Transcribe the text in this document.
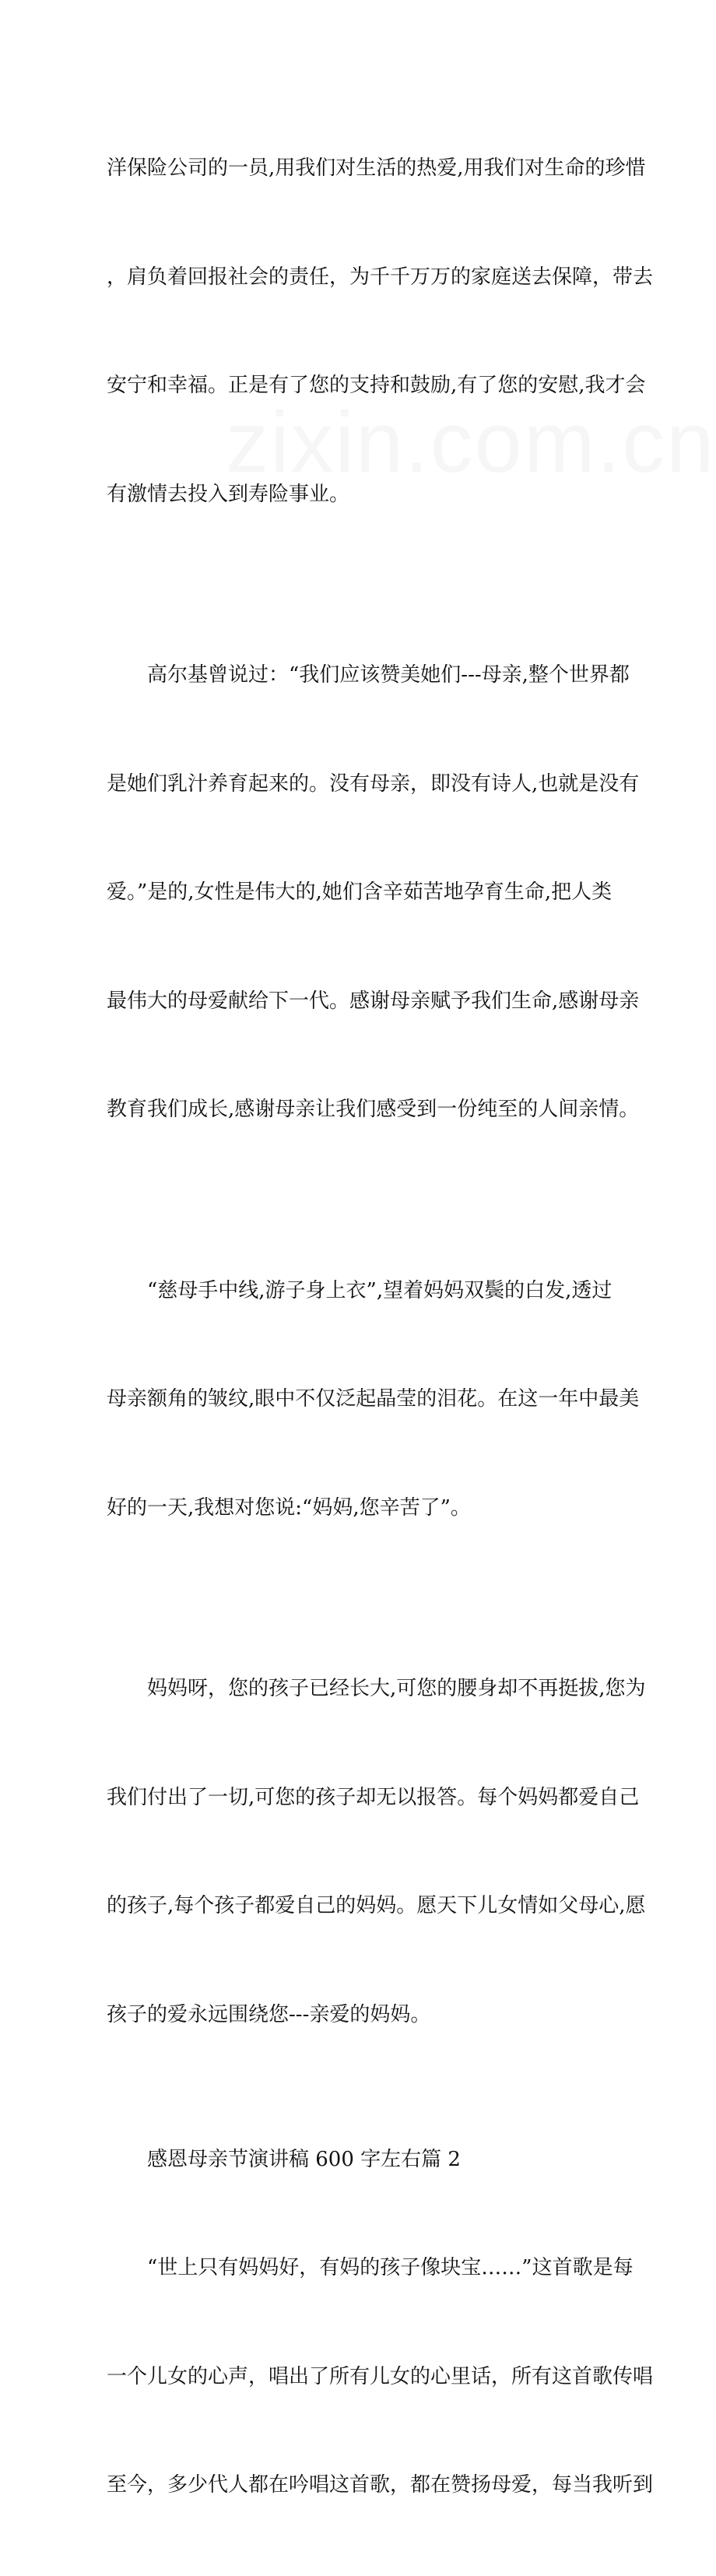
洋保险公司的一员,用我们对生活的热爱,用我们对生命的珍惜

，肩负着回报社会的责任，为千千万万的家庭送去保障，带去

安宁和幸福。正是有了您的支持和鼓励,有了您的安慰,我才会

有激情去投入到寿险事业。

高尔基曾说过：“我们应该赞美她们---母亲,整个世界都

是她们乳汁养育起来的。没有母亲，即没有诗人,也就是没有

爱。”是的,女性是伟大的,她们含辛茹苦地孕育生命,把人类

最伟大的母爱献给下一代。感谢母亲赋予我们生命,感谢母亲

教育我们成长,感谢母亲让我们感受到一份纯至的人间亲情。

“慈母手中线,游子身上衣”,望着妈妈双鬓的白发,透过

母亲额角的皱纹,眼中不仅泛起晶莹的泪花。在这一年中最美

好的一天,我想对您说:“妈妈,您辛苦了”。

妈妈呀，您的孩子已经长大,可您的腰身却不再挺拔,您为

我们付出了一切,可您的孩子却无以报答。每个妈妈都爱自己

的孩子,每个孩子都爱自己的妈妈。愿天下儿女情如父母心,愿

孩子的爱永远围绕您---亲爱的妈妈。

感恩母亲节演讲稿 600 字左右篇 2

“世上只有妈妈好，有妈的孩子像块宝……”这首歌是每

一个儿女的心声，唱出了所有儿女的心里话，所有这首歌传唱

至今，多少代人都在吟唱这首歌，都在赞扬母爱，每当我听到
